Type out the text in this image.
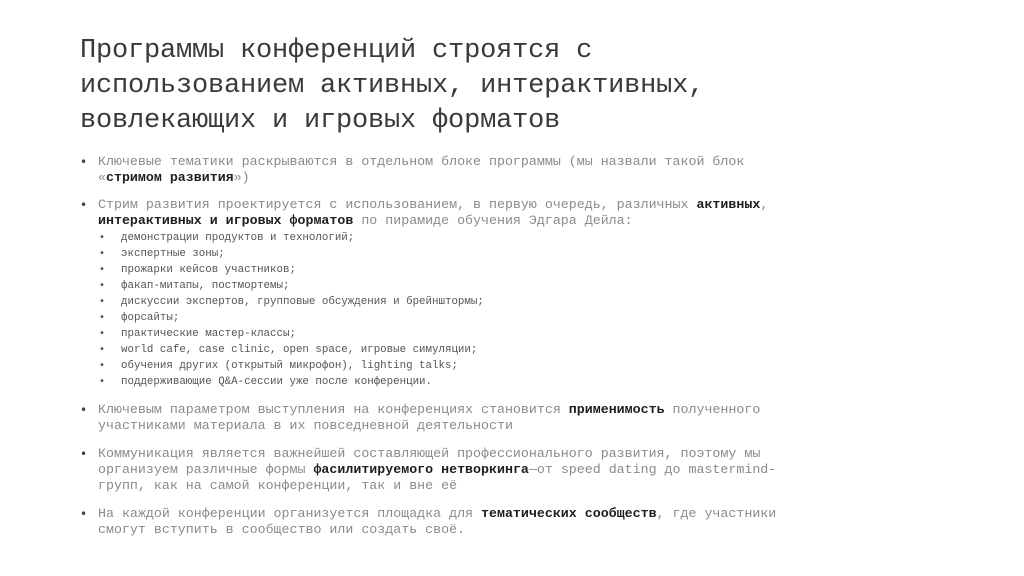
Программы конференций строятся с
использованием активных, интерактивных,
вовлекающих и игровых форматов
• Ключевые тематики раскрываются в отдельном блоке программы (мы назвали такой блок
«стримом развития»)
• Стрим развития проектируется с использованием, в первую очередь, различных активных,
интерактивных и игровых форматов по пирамиде обучения Эдгара Дейла:
• демонстрации продуктов и технологий;
• экспертные зоны;
• прожарки кейсов участников;
• факап-митапы, постмортемы;
• дискуссии экспертов, групповые обсуждения и брейнштормы;
• форсайты;
• практические мастер-классы;
• world cafe, case clinic, open space, игровые симуляции;
• обучения других (открытый микрофон), lighting talks;
• поддерживающие Q&A-сессии уже после конференции.
• Ключевым параметром выступления на конференциях становится применимость полученного
участниками материала в их повседневной деятельности
• Коммуникация является важнейшей составляющей профессионального развития, поэтому мы
организуем различные формы фасилитируемого нетворкинга—от speed dating до mastermind-
групп, как на самой конференции, так и вне её
• На каждой конференции организуется площадка для тематических сообществ, где участники
смогут вступить в сообщество или создать своё.
